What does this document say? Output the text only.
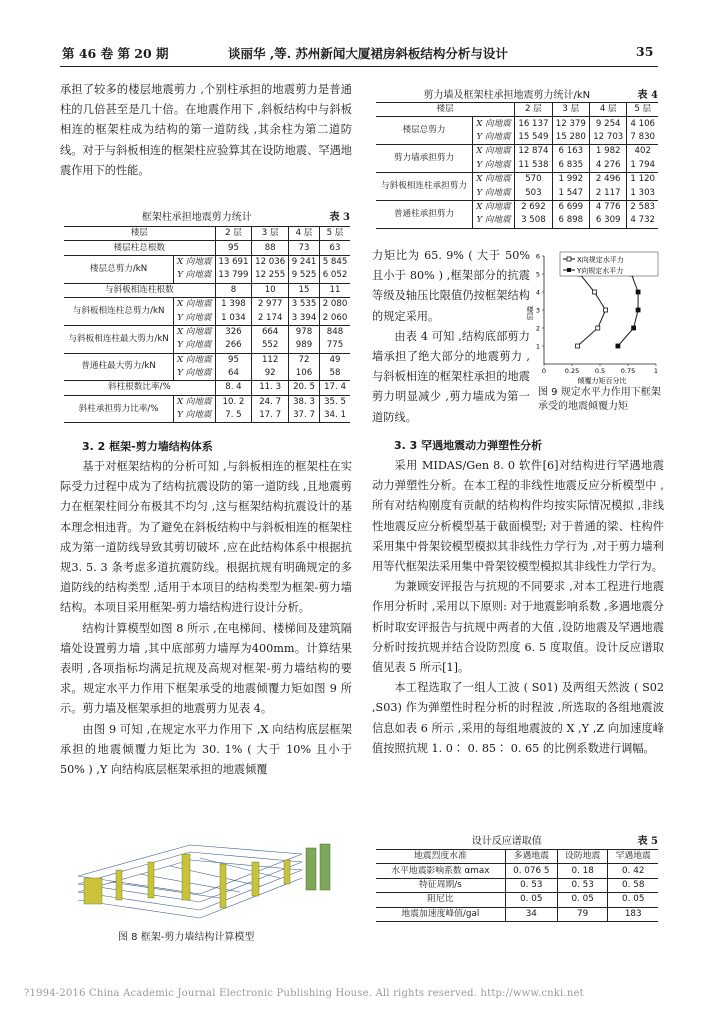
第 46 卷 第 20 期	谈丽华 ,等. 苏州新闻大厦裙房斜板结构分析与设计	35

承担了较多的楼层地震剪力 ,个别柱承担的地震剪力是普通柱的几倍甚至是几十倍。在地震作用下 ,斜板结构中与斜板相连的框架柱成为结构的第一道防线 ,其余柱为第二道防线。对于与斜板相连的框架柱应验算其在设防地震、罕遇地震作用下的性能。

框架柱承担地震剪力统计	表 3
楼层		2 层	3 层	4 层	5 层
楼层柱总根数		95	88	73	63
楼层总剪力/kN	X 向地震	13 691	12 036	9 241	5 845
	Y 向地震	13 799	12 255	9 525	6 052
与斜板相连柱根数		8	10	15	11
与斜板相连柱总剪力/kN	X 向地震	1 398	2 977	3 535	2 080
	Y 向地震	1 034	2 174	3 394	2 060
与斜板相连柱最大剪力/kN	X 向地震	326	664	978	848
	Y 向地震	266	552	989	775
普通柱最大剪力/kN	X 向地震	95	112	72	49
	Y 向地震	64	92	106	58
斜柱根数比率/%		8. 4	11. 3	20. 5	17. 4
斜柱承担剪力比率/%	X 向地震	10. 2	24. 7	38. 3	35. 5
	Y 向地震	7. 5	17. 7	37. 7	34. 1

3. 2 框架-剪力墙结构体系

基于对框架结构的分析可知 ,与斜板相连的框架柱在实际受力过程中成为了结构抗震设防的第一道防线 ,且地震剪力在框架柱间分布极其不均匀 ,这与框架结构抗震设计的基本理念相违背。为了避免在斜板结构中与斜板相连的框架柱成为第一道防线导致其剪切破坏 ,应在此结构体系中根据抗规3. 5. 3 条考虑多道抗震防线。根据抗规有明确规定的多道防线的结构类型 ,适用于本项目的结构类型为框架-剪力墙结构。本项目采用框架-剪力墙结构进行设计分析。

结构计算模型如图 8 所示 ,在电梯间、楼梯间及建筑隔墙处设置剪力墙 ,其中底部剪力墙厚为400mm。计算结果表明 ,各项指标均满足抗规及高规对框架-剪力墙结构的要求。规定水平力作用下框架承受的地震倾覆力矩如图 9 所示。剪力墙及框架承担的地震剪力见表 4。

由图 9 可知 ,在规定水平力作用下 ,X 向结构底层框架承担的地震倾覆力矩比为 30. 1% ( 大于 10% 且小于 50% ) ,Y 向结构底层框架承担的地震倾覆

图 8 框架-剪力墙结构计算模型
剪力墙及框架柱承担地震剪力统计/kN	表 4
楼层		2 层	3 层	4 层	5 层
楼层总剪力	X 向地震	16 137	12 379	9 254	4 106
	Y 向地震	15 549	15 280	12 703	7 830
剪力墙承担剪力	X 向地震	12 874	6 163	1 982	402
	Y 向地震	11 538	6 835	4 276	1 794
与斜板相连柱承担剪力	X 向地震	570	1 992	2 496	1 120
	Y 向地震	503	1 547	2 117	1 303
普通柱承担剪力	X 向地震	2 692	6 699	4 776	2 583
	Y 向地震	3 508	6 898	6 309	4 732

力矩比为 65. 9% ( 大于 50% 且小于 80% ) ,框架部分的抗震等级及轴压比限值仍按框架结构的规定采用。

由表 4 可知 ,结构底部剪力墙承担了绝大部分的地震剪力 ,与斜板相连的框架柱承担的地震剪力明显减少 ,剪力墙成为第一道防线。

楼层
0	0.25 0.5 0.75	1
1
2
3
4
5
6	X向规定水平力
Y向规定水平力
倾覆力矩百分比
图 9 规定水平力作用下框架承受的地震倾覆力矩

3. 3 罕遇地震动力弹塑性分析

采用 MIDAS/Gen 8. 0 软件[6]对结构进行罕遇地震动力弹塑性分析。在本工程的非线性地震反应分析模型中 ,所有对结构刚度有贡献的结构构件均按实际情况模拟 ,非线性地震反应分析模型基于截面模型; 对于普通的梁、柱构件采用集中骨架铰模型模拟其非线性力学行为 ,对于剪力墙利用等代框架法采用集中骨架铰模型模拟其非线性力学行为。

为兼顾安评报告与抗规的不同要求 ,对本工程进行地震作用分析时 ,采用以下原则: 对于地震影响系数 ,多遇地震分析时取安评报告与抗规中两者的大值 ,设防地震及罕遇地震分析时按抗规并结合设防烈度 6. 5 度取值。设计反应谱取值见表 5 所示[1]。

本工程选取了一组人工波 ( S01) 及两组天然波 ( S02 ,S03) 作为弹塑性时程分析的时程波 ,所选取的各组地震波信息如表 6 所示 ,采用的每组地震波的 X ,Y ,Z 向加速度峰值按照抗规 1. 0∶ 0. 85∶ 0. 65 的比例系数进行调幅。

设计反应谱取值	表 5
地震烈度水准	多遇地震	设防地震	罕遇地震
水平地震影响系数 αmax	0. 076 5	0. 18	0. 42
特征周期/s	0. 53	0. 53	0. 58
阻尼比	0. 05	0. 05	0. 05
地震加速度峰值/gal	34	79	183
?1994-2016 China Academic Journal Electronic Publishing House. All rights reserved. http://www.cnki.net
